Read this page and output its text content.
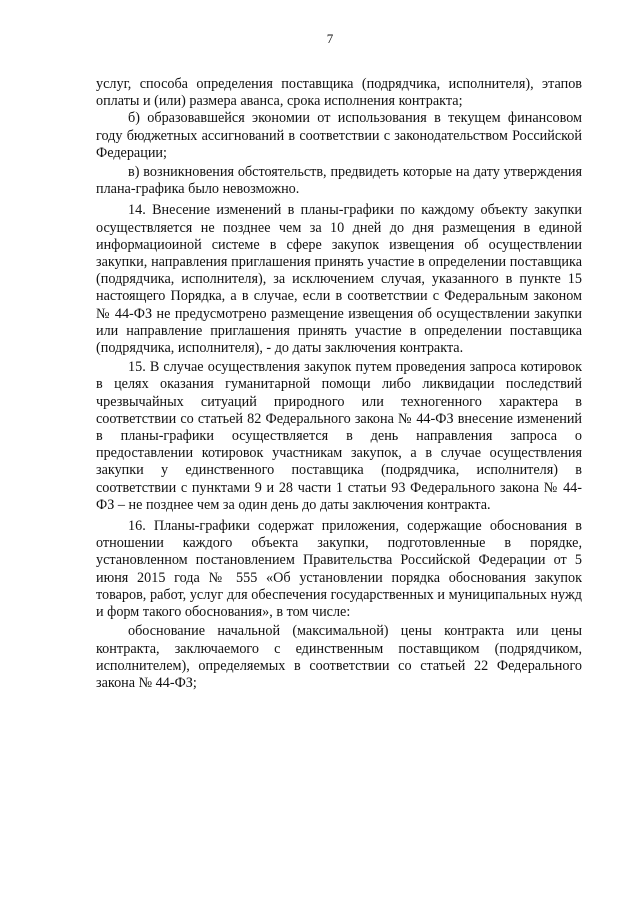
7

услуг, способа определения поставщика (подрядчика, исполнителя), этапов оплаты и (или) размера аванса, срока исполнения контракта;

б) образовавшейся экономии от использования в текущем финансовом году бюджетных ассигнований в соответствии с законодательством Российской Федерации;

в) возникновения обстоятельств, предвидеть которые на дату утверждения плана-графика было невозможно.

14. Внесение изменений в планы-графики по каждому объекту закупки осуществляется не позднее чем за 10 дней до дня размещения в единой информациоиной системе в сфере закупок извещения об осуществлении закупки, направления приглашения принять участие в определении поставщика (подрядчика, исполнителя), за исключением случая, указанного в пункте 15 настоящего Порядка, а в случае, если в соответствии с Федеральным законом № 44-ФЗ не предусмотрено размещение извещения об осуществлении закупки или направление приглашения принять участие в определении поставщика (подрядчика, исполнителя), - до даты заключения контракта.

15. В случае осуществления закупок путем проведения запроса котировок в целях оказания гуманитарной помощи либо ликвидации последствий чрезвычайных ситуаций природного или техногенного характера в соответствии со статьей 82 Федерального закона № 44-ФЗ внесение изменений в планы-графики осуществляется в день направления запроса о предоставлении котировок участникам закупок, а в случае осуществления закупки у единственного поставщика (подрядчика, исполнителя) в соответствии с пунктами 9 и 28 части 1 статьи 93 Федерального закона № 44-ФЗ – не позднее чем за один день до даты заключения контракта.

16. Планы-графики содержат приложения, содержащие обоснования в отношении каждого объекта закупки, подготовленные в порядке, установленном постановлением Правительства Российской Федерации от 5 июня 2015 года № 555 «Об установлении порядка обоснования закупок товаров, работ, услуг для обеспечения государственных и муниципальных нужд и форм такого обоснования», в том числе:

обоснование начальной (максимальной) цены контракта или цены контракта, заключаемого с единственным поставщиком (подрядчиком, исполнителем), определяемых в соответствии со статьей 22 Федерального закона № 44-ФЗ;
